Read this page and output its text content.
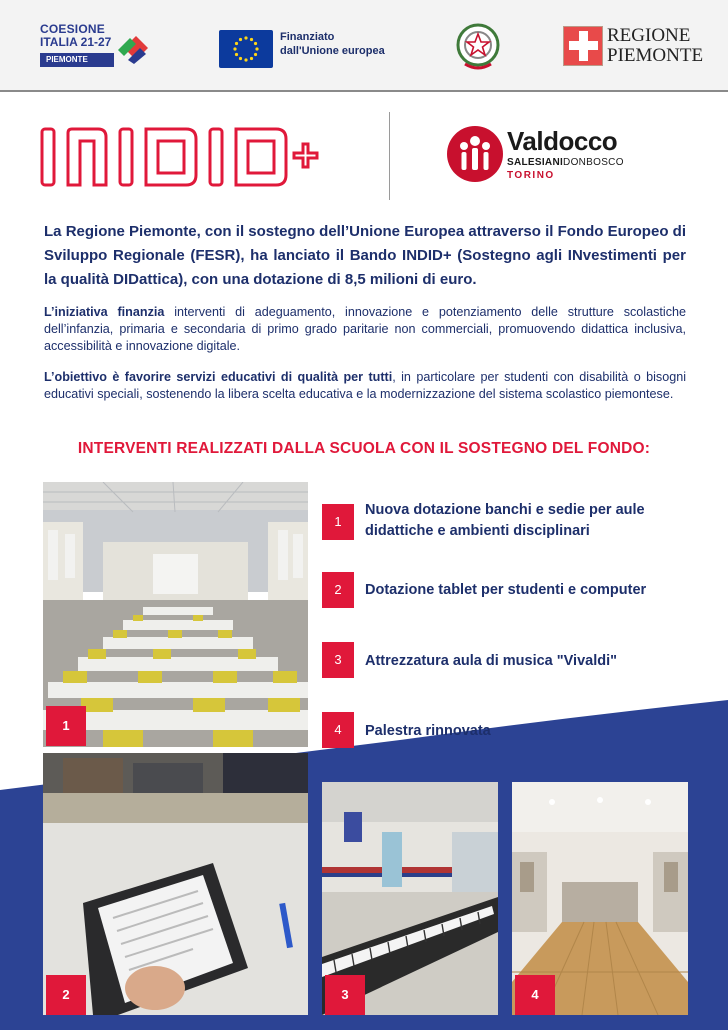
COESIONE
ITALIA 21-27
PIEMONTE
Finanziato
dall'Unione europea
REGIONE
PIEMONTE
Valdocco
SALESIANIDONBOSCO
TORINO

La Regione Piemonte, con il sostegno dell’Unione Europea attraverso il Fondo Europeo di Sviluppo Regionale (FESR), ha lanciato il Bando INDID+ (Sostegno agli INvestimenti per la qualità DIDattica), con una dotazione di 8,5 milioni di euro.

L’iniziativa finanzia interventi di adeguamento, innovazione e potenziamento delle strutture scolastiche dell’infanzia, primaria e secondaria di primo grado paritarie non commerciali, promuovendo didattica inclusiva, accessibilità e innovazione digitale.

L’obiettivo è favorire servizi educativi di qualità per tutti, in particolare per studenti con disabilità o bisogni educativi speciali, sostenendo la libera scelta educativa e la modernizzazione del sistema scolastico piemontese.

INTERVENTI REALIZZATI DALLA SCUOLA CON IL SOSTEGNO DEL FONDO:
1
2	3	4
1
Nuova dotazione banchi e sedie per aule didattiche e ambienti disciplinari
2	Dotazione tablet per studenti e computer
3	Attrezzatura aula di musica "Vivaldi"
4	Palestra rinnovata
